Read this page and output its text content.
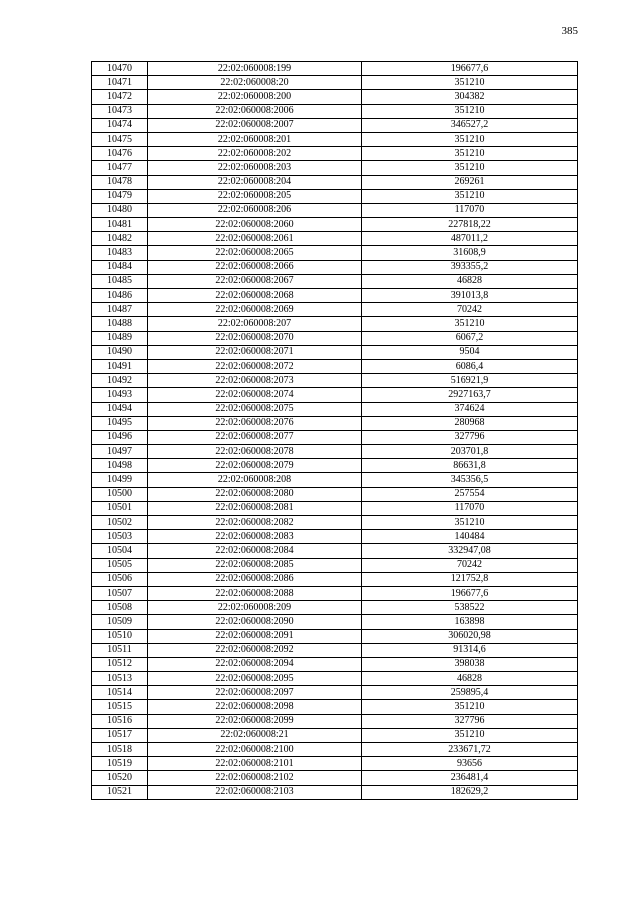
385
10470	22:02:060008:199	196677,6
10471	22:02:060008:20	351210
10472	22:02:060008:200	304382
10473	22:02:060008:2006	351210
10474	22:02:060008:2007	346527,2
10475	22:02:060008:201	351210
10476	22:02:060008:202	351210
10477	22:02:060008:203	351210
10478	22:02:060008:204	269261
10479	22:02:060008:205	351210
10480	22:02:060008:206	117070
10481	22:02:060008:2060	227818,22
10482	22:02:060008:2061	487011,2
10483	22:02:060008:2065	31608,9
10484	22:02:060008:2066	393355,2
10485	22:02:060008:2067	46828
10486	22:02:060008:2068	391013,8
10487	22:02:060008:2069	70242
10488	22:02:060008:207	351210
10489	22:02:060008:2070	6067,2
10490	22:02:060008:2071	9504
10491	22:02:060008:2072	6086,4
10492	22:02:060008:2073	516921,9
10493	22:02:060008:2074	2927163,7
10494	22:02:060008:2075	374624
10495	22:02:060008:2076	280968
10496	22:02:060008:2077	327796
10497	22:02:060008:2078	203701,8
10498	22:02:060008:2079	86631,8
10499	22:02:060008:208	345356,5
10500	22:02:060008:2080	257554
10501	22:02:060008:2081	117070
10502	22:02:060008:2082	351210
10503	22:02:060008:2083	140484
10504	22:02:060008:2084	332947,08
10505	22:02:060008:2085	70242
10506	22:02:060008:2086	121752,8
10507	22:02:060008:2088	196677,6
10508	22:02:060008:209	538522
10509	22:02:060008:2090	163898
10510	22:02:060008:2091	306020,98
10511	22:02:060008:2092	91314,6
10512	22:02:060008:2094	398038
10513	22:02:060008:2095	46828
10514	22:02:060008:2097	259895,4
10515	22:02:060008:2098	351210
10516	22:02:060008:2099	327796
10517	22:02:060008:21	351210
10518	22:02:060008:2100	233671,72
10519	22:02:060008:2101	93656
10520	22:02:060008:2102	236481,4
10521	22:02:060008:2103	182629,2
